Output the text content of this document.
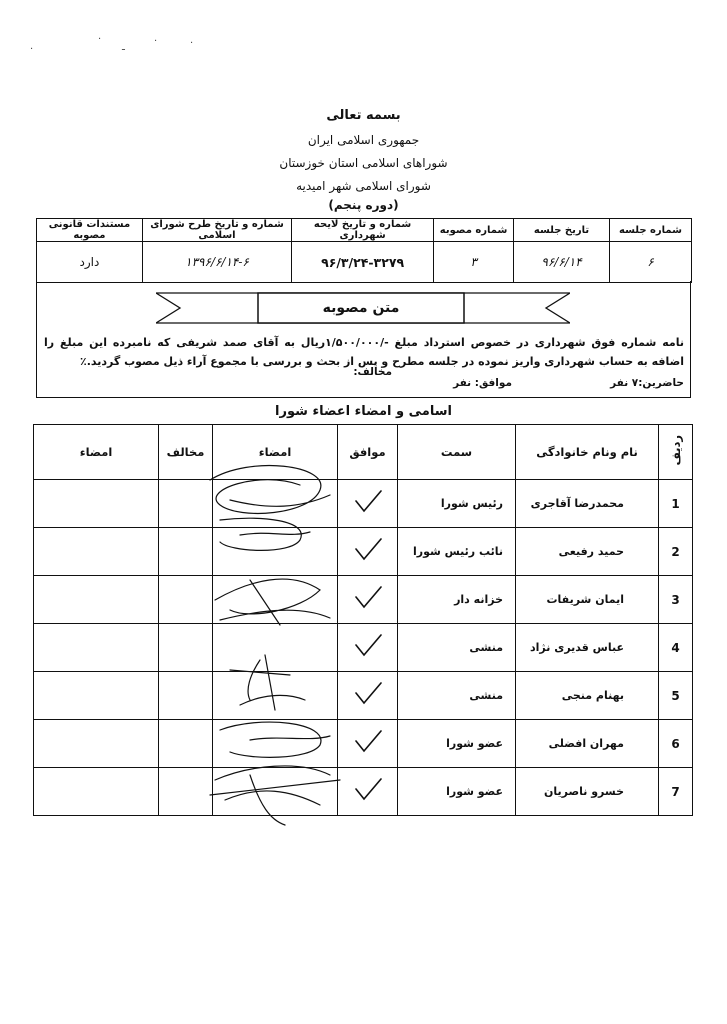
·
·	·	·
ـ
بسمه تعالی
جمهوری اسلامی ایران
شوراهای اسلامی استان خوزستان
شورای اسلامی شهر امیدیه
(دوره پنجم)
شماره جلسه	تاریخ جلسه	شماره مصوبه	شماره و تاریخ لایحه شهرداری	شماره و تاریخ طرح شورای اسلامی	مستندات قانونی مصوبه
۶	۹۶/۶/۱۴	۳	۹۶/۳/۲۴-۳۲۷۹	۱۳۹۶/۶/۱۴-۶	دارد
متن مصوبه
نامه شماره فوق شهرداری در خصوص استرداد مبلغ -/۱/۵۰۰/۰۰۰ریال به آقای صمد شریفی که نامبرده این مبلغ را اضافه به حساب شهرداری واریز نموده در جلسه مطرح و پس از بحث و بررسی با مجموع آراء ذیل مصوب گردید.٪
حاضرین:۷ نفر
موافق: نفر
مخالف:
اسامی و امضاء اعضاء شورا
ردیف	نام ونام خانوادگی	سمت	موافق	امضاء	مخالف	امضاء
1	محمدرضا آقاجری	رئیس شورا				
2	حمید رفیعی	نائب رئیس شورا				
3	ایمان شریفات	خزانه دار				
4	عباس قدیری نژاد	منشی				
5	بهنام منجی	منشی				
6	مهران افضلی	عضو شورا				
7	خسرو ناصریان	عضو شورا				
